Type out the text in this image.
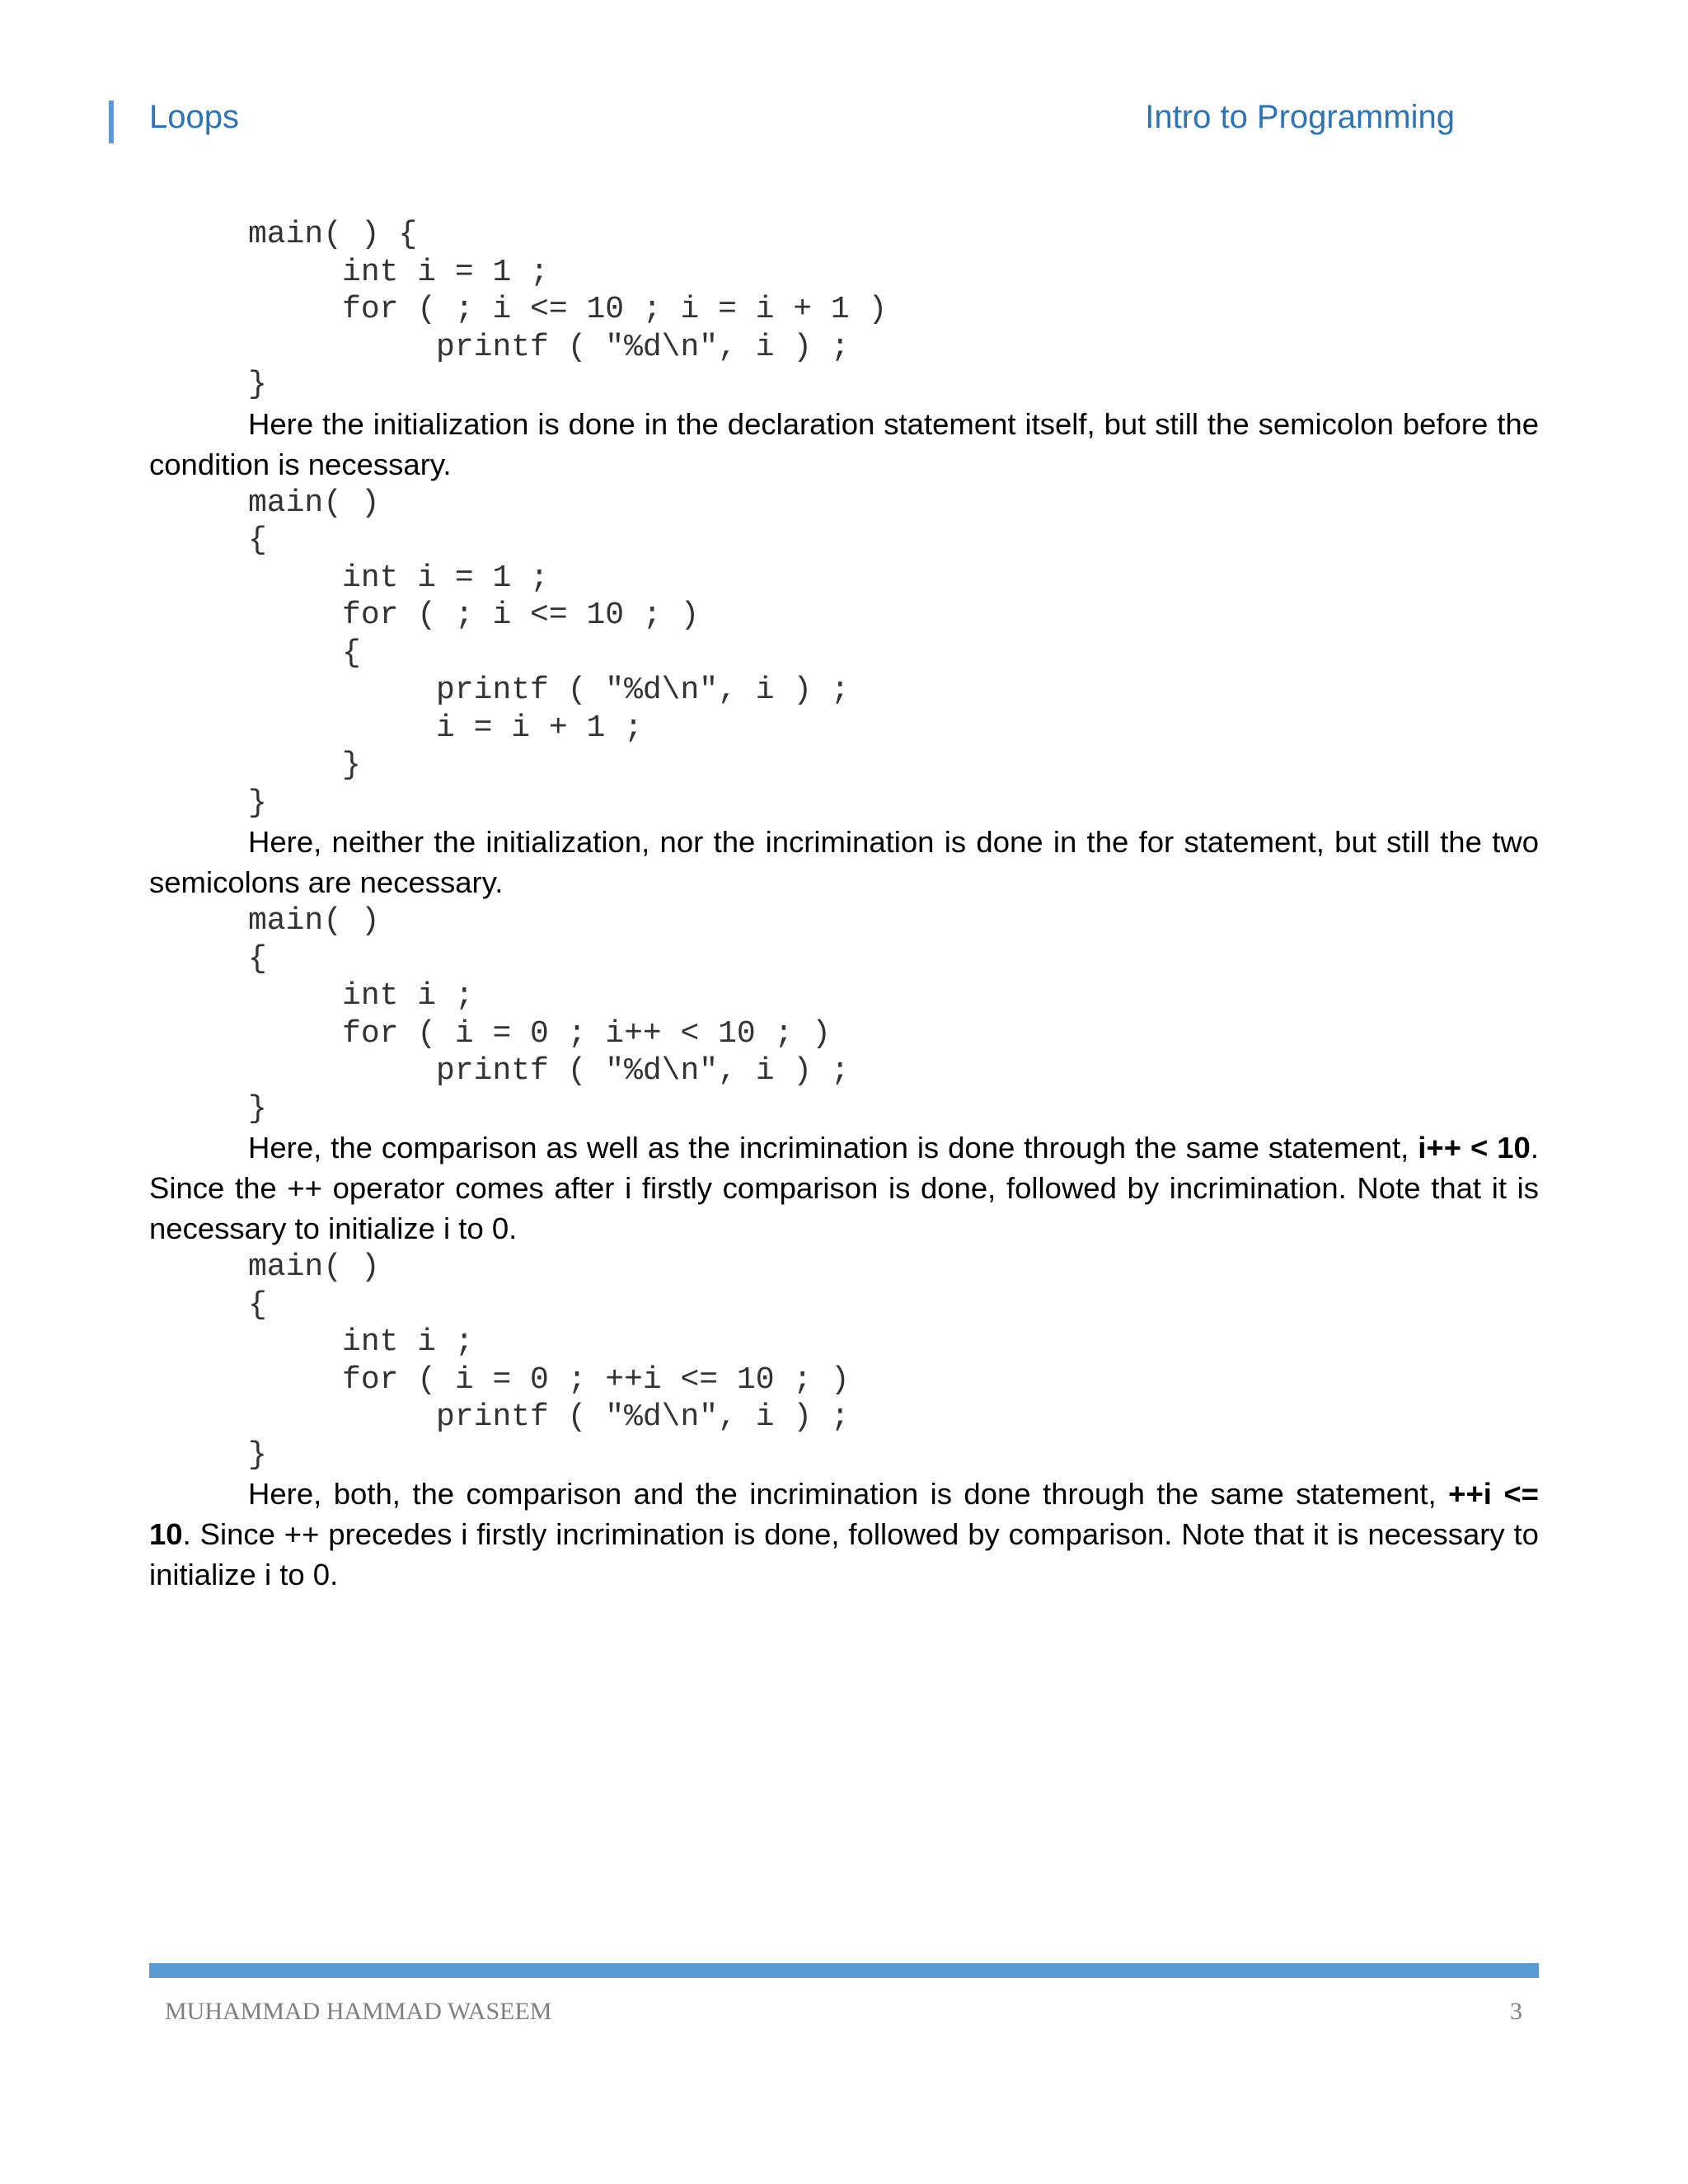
Loops	Intro to Programming
main( ) {
int i = 1 ;
for ( ; i <= 10 ; i = i + 1 )
printf ( "%d\n", i ) ;
}

Here the initialization is done in the declaration statement itself, but still the semicolon before the condition is necessary.

main( )
{
int i = 1 ;
for ( ; i <= 10 ; )
{
printf ( "%d\n", i ) ;
i = i + 1 ;
}
}

Here, neither the initialization, nor the incrimination is done in the for statement, but still the two semicolons are necessary.

main( )
{
int i ;
for ( i = 0 ; i++ < 10 ; )
printf ( "%d\n", i ) ;
}

Here, the comparison as well as the incrimination is done through the same statement, i++ < 10. Since the ++ operator comes after i firstly comparison is done, followed by incrimination. Note that it is necessary to initialize i to 0.

main( )
{
int i ;
for ( i = 0 ; ++i <= 10 ; )
printf ( "%d\n", i ) ;
}

Here, both, the comparison and the incrimination is done through the same statement, ++i <= 10. Since ++ precedes i firstly incrimination is done, followed by comparison. Note that it is necessary to initialize i to 0.

MUHAMMAD HAMMAD WASEEM	3
